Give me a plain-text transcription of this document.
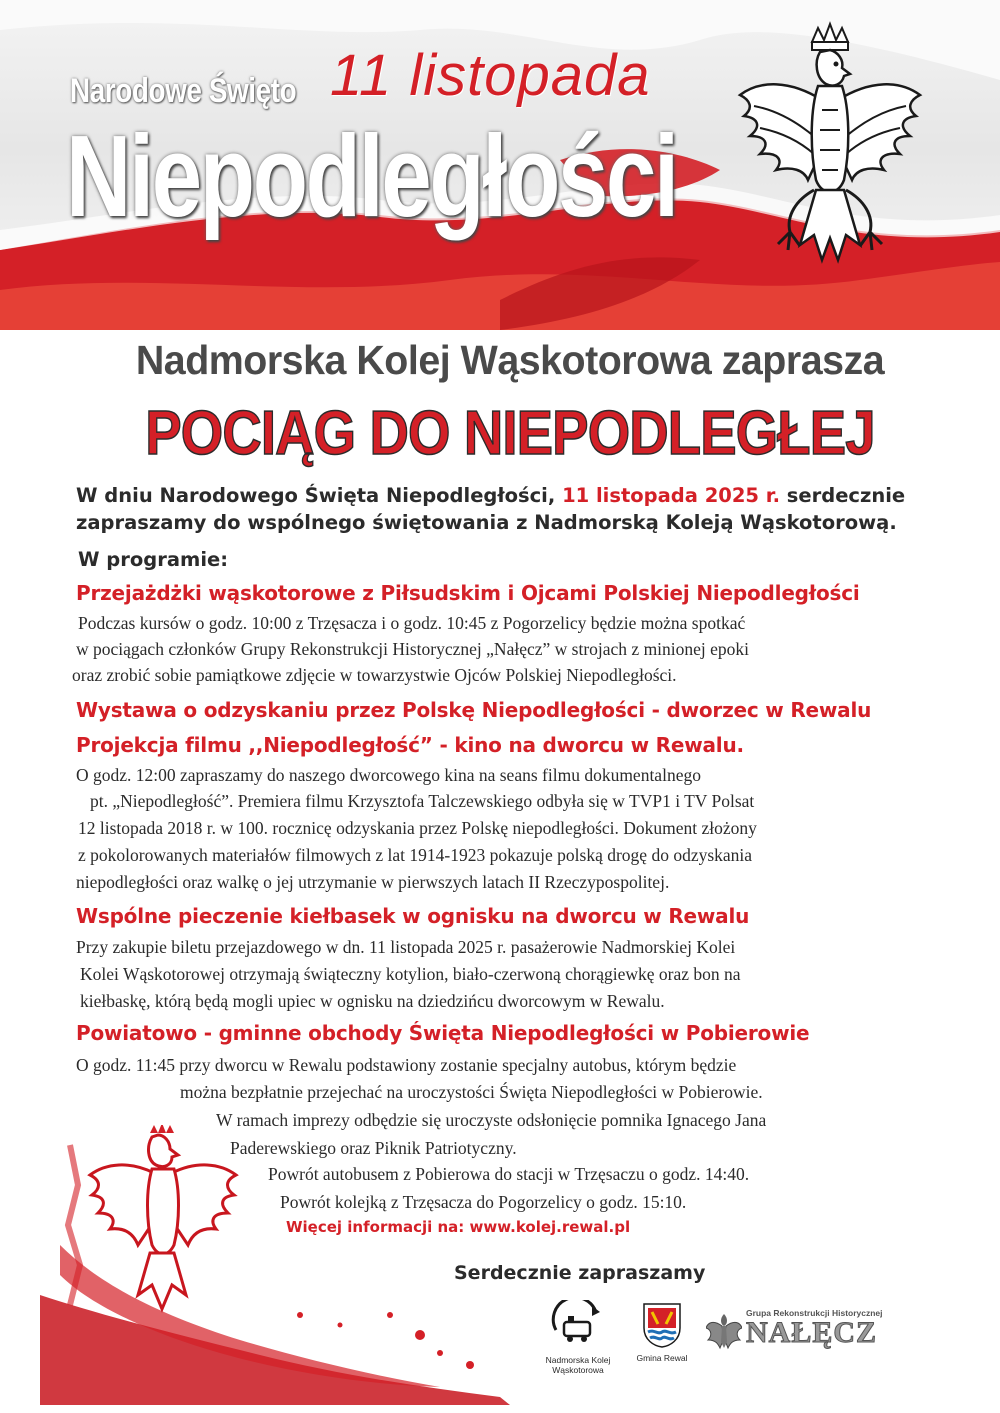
Narodowe Święto 11 listopada
Niepodległości
Nadmorska Kolej Wąskotorowa zaprasza
POCIĄG DO NIEPODLEGŁEJ
W dniu Narodowego Święta Niepodległości, 11 listopada 2025 r. serdecznie
zapraszamy do wspólnego świętowania z Nadmorską Koleją Wąskotorową.
W programie:
Przejażdżki wąskotorowe z Piłsudskim i Ojcami Polskiej Niepodległości
Podczas kursów o godz. 10:00 z Trzęsacza i o godz. 10:45 z Pogorzelicy będzie można spotkać
w pociągach członków Grupy Rekonstrukcji Historycznej „Nałęcz” w strojach z minionej epoki
oraz zrobić sobie pamiątkowe zdjęcie w towarzystwie Ojców Polskiej Niepodległości.
Wystawa o odzyskaniu przez Polskę Niepodległości - dworzec w Rewalu
Projekcja filmu ,,Niepodległość” - kino na dworcu w Rewalu.
O godz. 12:00 zapraszamy do naszego dworcowego kina na seans filmu dokumentalnego
pt. „Niepodległość”. Premiera filmu Krzysztofa Talczewskiego odbyła się w TVP1 i TV Polsat
12 listopada 2018 r. w 100. rocznicę odzyskania przez Polskę niepodległości. Dokument złożony
z pokolorowanych materiałów filmowych z lat 1914-1923 pokazuje polską drogę do odzyskania
niepodległości oraz walkę o jej utrzymanie w pierwszych latach II Rzeczypospolitej.
Wspólne pieczenie kiełbasek w ognisku na dworcu w Rewalu
Przy zakupie biletu przejazdowego w dn. 11 listopada 2025 r. pasażerowie Nadmorskiej Kolei
Kolei Wąskotorowej otrzymają świąteczny kotylion, biało-czerwoną chorągiewkę oraz bon na
kiełbaskę, którą będą mogli upiec w ognisku na dziedzińcu dworcowym w Rewalu.
Powiatowo - gminne obchody Święta Niepodległości w Pobierowie
O godz. 11:45 przy dworcu w Rewalu podstawiony zostanie specjalny autobus, którym będzie
można bezpłatnie przejechać na uroczystości Święta Niepodległości w Pobierowie.
W ramach imprezy odbędzie się uroczyste odsłonięcie pomnika Ignacego Jana
Paderewskiego oraz Piknik Patriotyczny.
Powrót autobusem z Pobierowa do stacji w Trzęsaczu o godz. 14:40.
Powrót kolejką z Trzęsacza do Pogorzelicy o godz. 15:10.
Więcej informacji na: www.kolej.rewal.pl
Serdecznie zapraszamy
Nadmorska Kolej
Wąskotorowa
Gmina Rewal
Grupa Rekonstrukcji Historycznej
NAŁĘCZ
